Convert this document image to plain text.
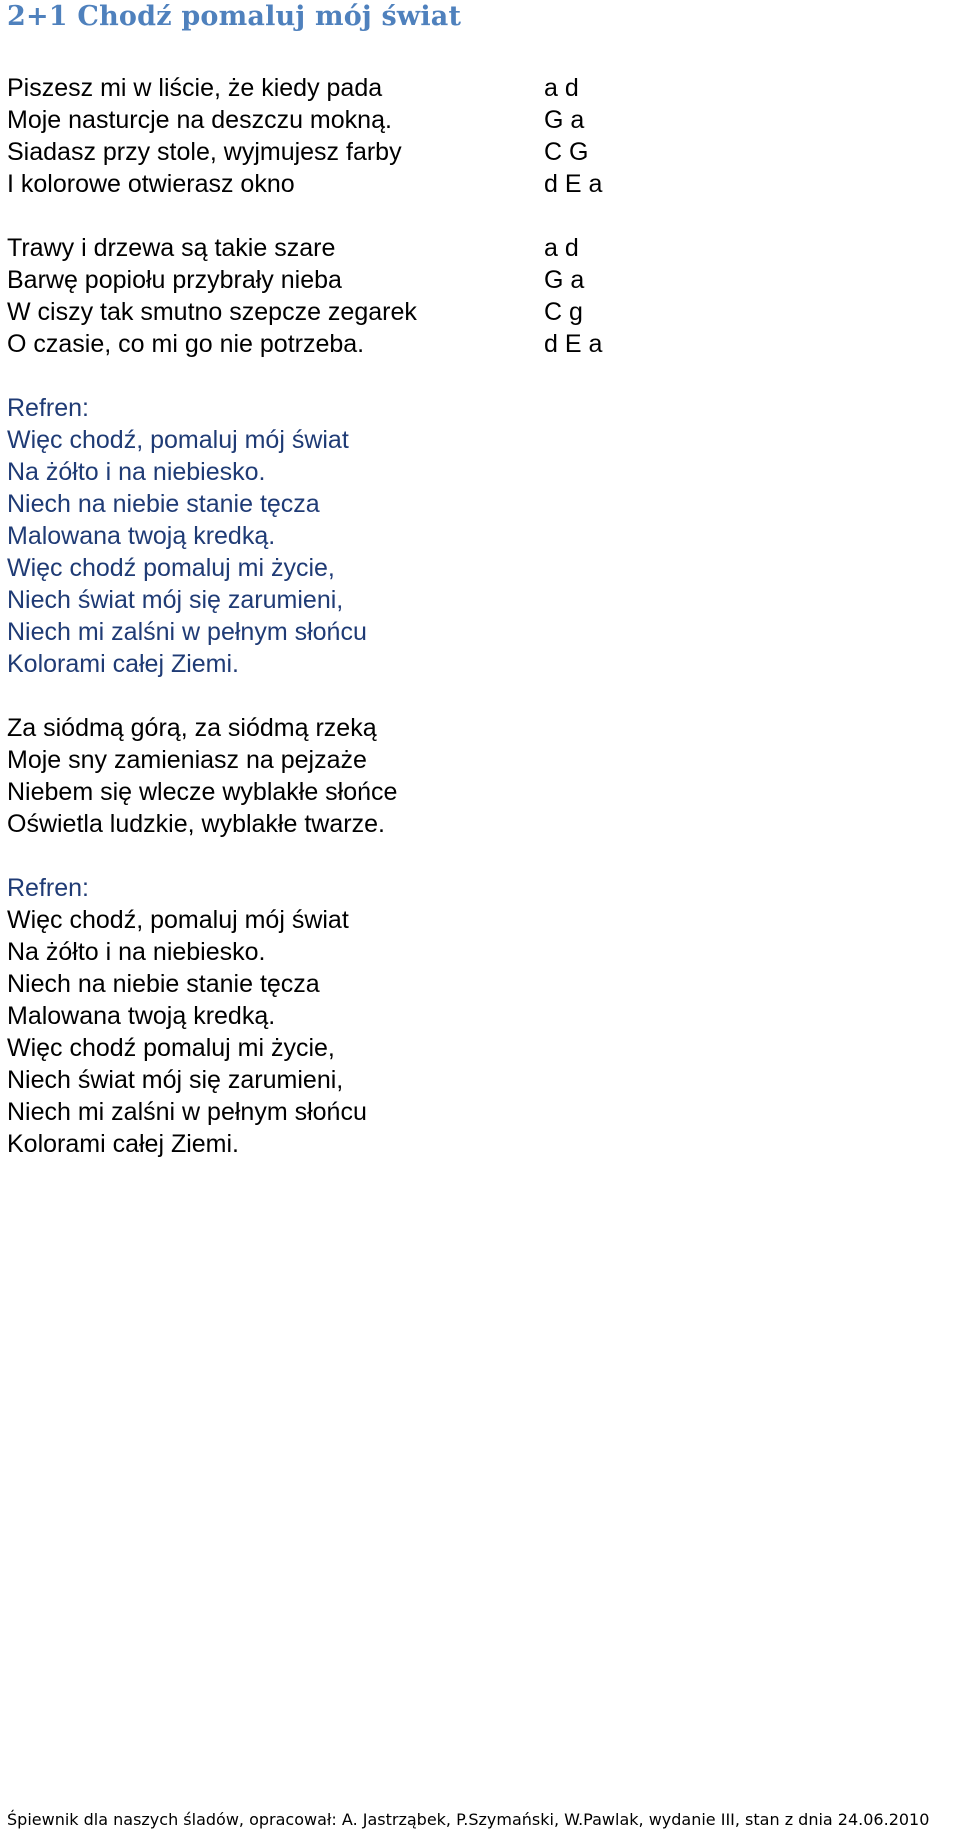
2+1 Chodź pomaluj mój świat
Piszesz mi w liście, że kiedy pada
Moje nasturcje na deszczu mokną.
Siadasz przy stole, wyjmujesz farby
I kolorowe otwierasz okno
a d
G a
C G
d E a
Trawy i drzewa są takie szare
Barwę popiołu przybrały nieba
W ciszy tak smutno szepcze zegarek
O czasie, co mi go nie potrzeba.
a d
G a
C g
d E a
Refren:
Więc chodź, pomaluj mój świat
Na żółto i na niebiesko.
Niech na niebie stanie tęcza
Malowana twoją kredką.
Więc chodź pomaluj mi życie,
Niech świat mój się zarumieni,
Niech mi zalśni w pełnym słońcu
Kolorami całej Ziemi.
Za siódmą górą, za siódmą rzeką
Moje sny zamieniasz na pejzaże
Niebem się wlecze wyblakłe słońce
Oświetla ludzkie, wyblakłe twarze.
Refren:
Więc chodź, pomaluj mój świat
Na żółto i na niebiesko.
Niech na niebie stanie tęcza
Malowana twoją kredką.
Więc chodź pomaluj mi życie,
Niech świat mój się zarumieni,
Niech mi zalśni w pełnym słońcu
Kolorami całej Ziemi.
Śpiewnik dla naszych śladów, opracował: A. Jastrząbek, P.Szymański, W.Pawlak, wydanie III, stan z dnia 24.06.2010
